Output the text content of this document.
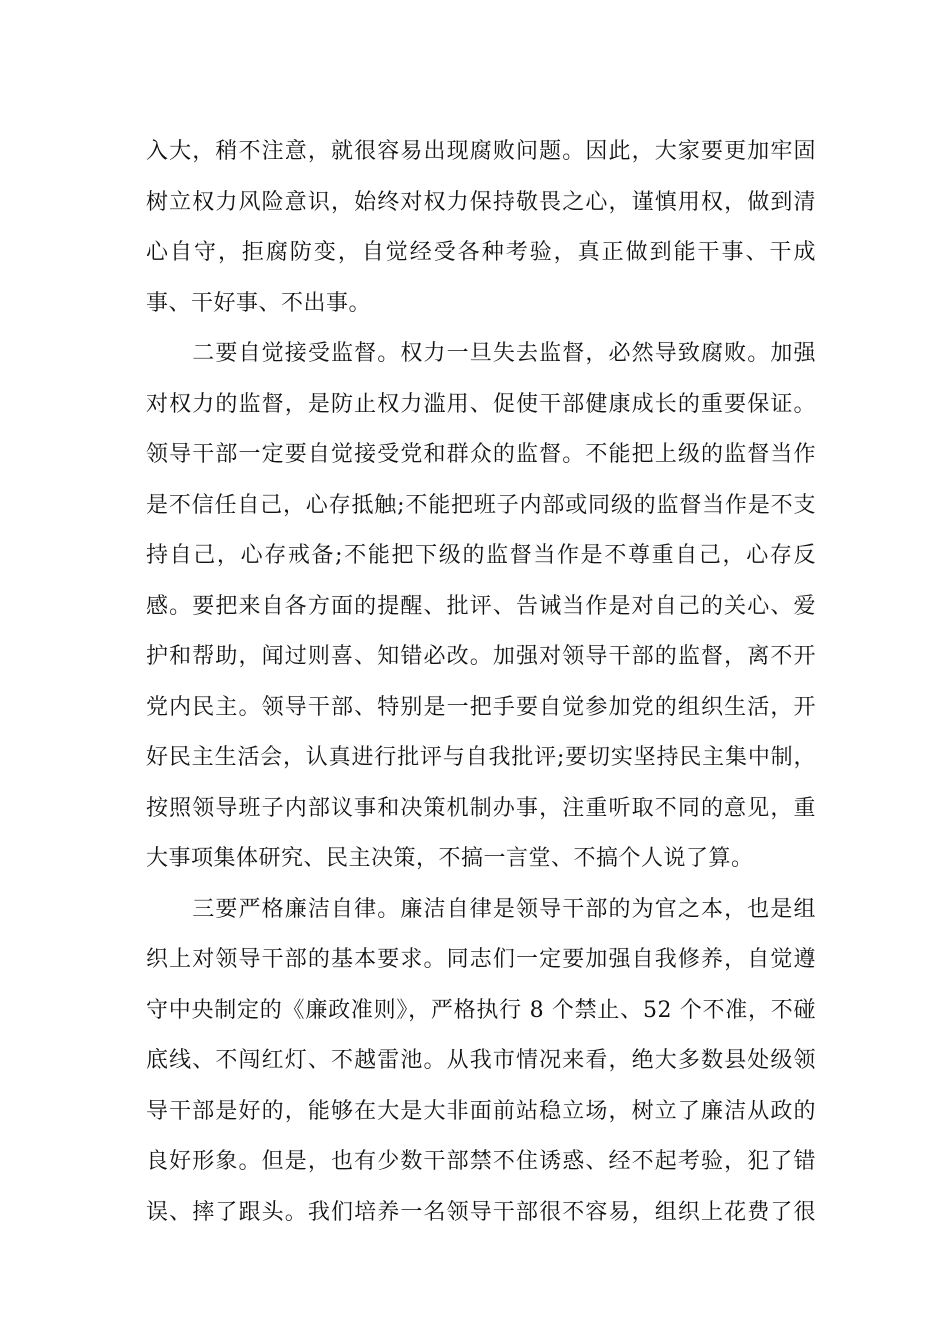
入大，稍不注意，就很容易出现腐败问题。因此，大家要更加牢固
树立权力风险意识，始终对权力保持敬畏之心，谨慎用权，做到清
心自守，拒腐防变，自觉经受各种考验，真正做到能干事、干成
事、干好事、不出事。
　　二要自觉接受监督。权力一旦失去监督，必然导致腐败。加强
对权力的监督，是防止权力滥用、促使干部健康成长的重要保证。
领导干部一定要自觉接受党和群众的监督。不能把上级的监督当作
是不信任自己，心存抵触;不能把班子内部或同级的监督当作是不支
持自己，心存戒备;不能把下级的监督当作是不尊重自己，心存反
感。要把来自各方面的提醒、批评、告诫当作是对自己的关心、爱
护和帮助，闻过则喜、知错必改。加强对领导干部的监督，离不开
党内民主。领导干部、特别是一把手要自觉参加党的组织生活，开
好民主生活会，认真进行批评与自我批评;要切实坚持民主集中制，
按照领导班子内部议事和决策机制办事，注重听取不同的意见，重
大事项集体研究、民主决策，不搞一言堂、不搞个人说了算。
　　三要严格廉洁自律。廉洁自律是领导干部的为官之本，也是组
织上对领导干部的基本要求。同志们一定要加强自我修养，自觉遵
守中央制定的《廉政准则》，严格执行 8 个禁止、52 个不准，不碰
底线、不闯红灯、不越雷池。从我市情况来看，绝大多数县处级领
导干部是好的，能够在大是大非面前站稳立场，树立了廉洁从政的
良好形象。但是，也有少数干部禁不住诱惑、经不起考验，犯了错
误、摔了跟头。我们培养一名领导干部很不容易，组织上花费了很
